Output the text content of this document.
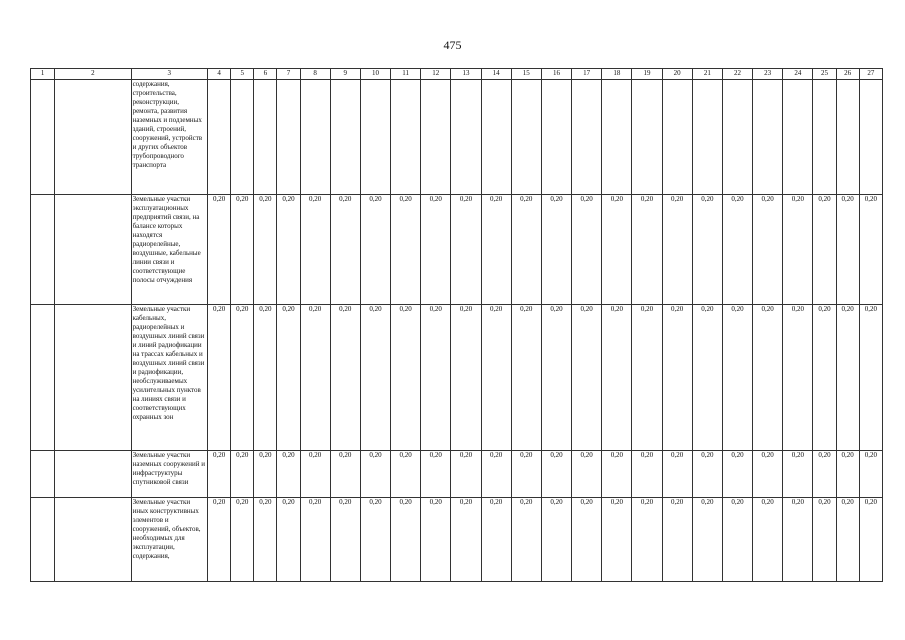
475
1	2	3	4	5	6	7	8	9	10	11	12	13	14	15	16	17	18	19	20	21	22	23	24	25	26	27
		содержания, строительства, реконструкции, ремонта, развития наземных и подземных зданий, строений, сооружений, устройств и других объектов трубопроводного транспорта																								
		Земельные участки эксплуатационных предприятий связи, на балансе которых находятся радиорелейные, воздушные, кабельные линии связи и соответствующие полосы отчуждения	0,20	0,20	0,20	0,20	0,20	0,20	0,20	0,20	0,20	0,20	0,20	0,20	0,20	0,20	0,20	0,20	0,20	0,20	0,20	0,20	0,20	0,20	0,20	0,20
		Земельные участки кабельных, радиорелейных и воздушных линий связи и линий радиофикации на трассах кабельных и воздушных линий связи и радиофикации, необслуживаемых усилительных пунктов на линиях связи и соответствующих охранных зон	0,20	0,20	0,20	0,20	0,20	0,20	0,20	0,20	0,20	0,20	0,20	0,20	0,20	0,20	0,20	0,20	0,20	0,20	0,20	0,20	0,20	0,20	0,20	0,20
		Земельные участки наземных сооружений и инфраструктуры спутниковой связи	0,20	0,20	0,20	0,20	0,20	0,20	0,20	0,20	0,20	0,20	0,20	0,20	0,20	0,20	0,20	0,20	0,20	0,20	0,20	0,20	0,20	0,20	0,20	0,20
		Земельные участки иных конструктивных элементов и сооружений, объектов, необходимых для эксплуатации, содержания,	0,20	0,20	0,20	0,20	0,20	0,20	0,20	0,20	0,20	0,20	0,20	0,20	0,20	0,20	0,20	0,20	0,20	0,20	0,20	0,20	0,20	0,20	0,20	0,20
